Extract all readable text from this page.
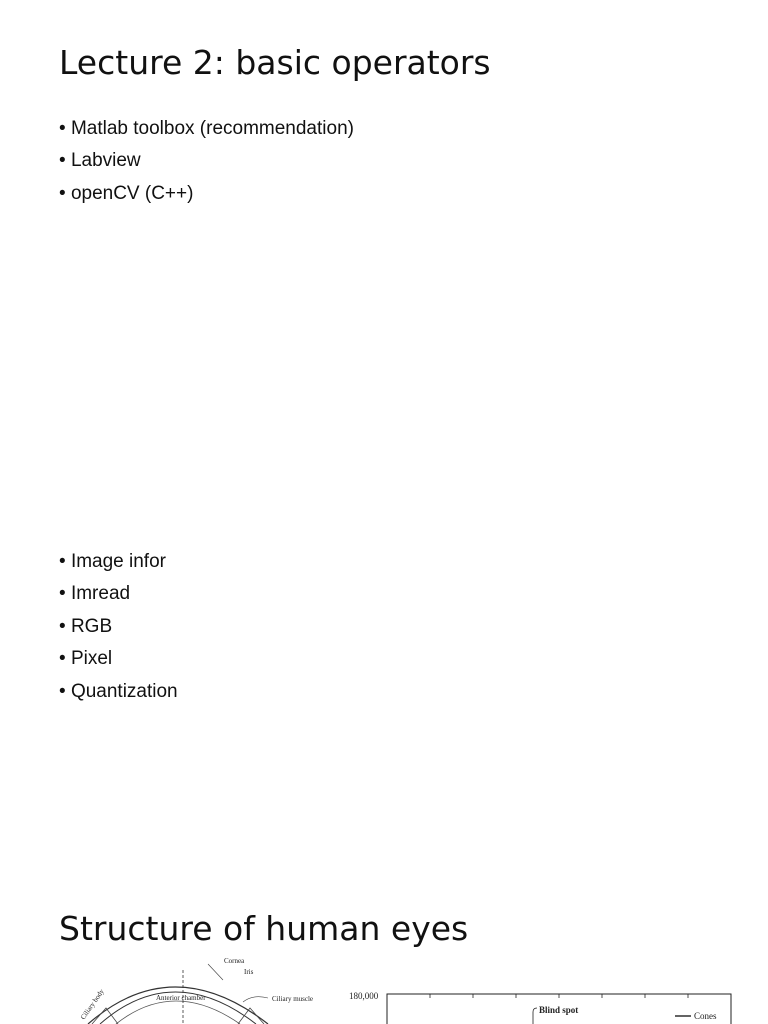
Lecture 2: basic operators
• Matlab toolbox (recommendation)
• Labview
• openCV (C++)
• Image infor
• Imread
• RGB
• Pixel
• Quantization
Structure of human eyes
Cornea
Iris
Anterior chamber	Ciliary muscle
Ciliary body	180,000
Blind spot
Cones
